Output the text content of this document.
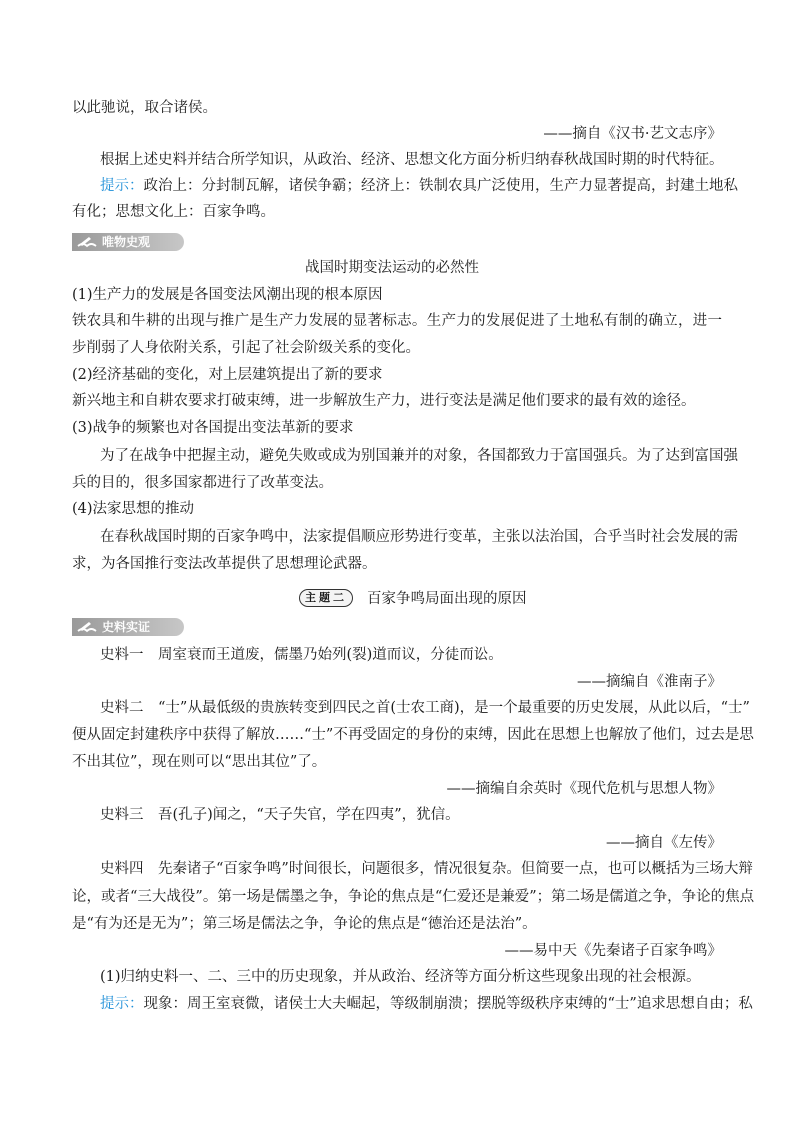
以此驰说，取合诸侯。
——摘自《汉书·艺文志序》
根据上述史料并结合所学知识，从政治、经济、思想文化方面分析归纳春秋战国时期的时代特征。
提示：政治上：分封制瓦解，诸侯争霸；经济上：铁制农具广泛使用，生产力显著提高，封建土地私
有化；思想文化上：百家争鸣。
唯物史观
战国时期变法运动的必然性
(1)生产力的发展是各国变法风潮出现的根本原因
铁农具和牛耕的出现与推广是生产力发展的显著标志。生产力的发展促进了土地私有制的确立，进一
步削弱了人身依附关系，引起了社会阶级关系的变化。
(2)经济基础的变化，对上层建筑提出了新的要求
新兴地主和自耕农要求打破束缚，进一步解放生产力，进行变法是满足他们要求的最有效的途径。
(3)战争的频繁也对各国提出变法革新的要求
为了在战争中把握主动，避免失败或成为别国兼并的对象，各国都致力于富国强兵。为了达到富国强
兵的目的，很多国家都进行了改革变法。
(4)法家思想的推动
在春秋战国时期的百家争鸣中，法家提倡顺应形势进行变革，主张以法治国，合乎当时社会发展的需
求，为各国推行变法改革提供了思想理论武器。
主题二 百家争鸣局面出现的原因
史料实证
史料一　周室衰而王道废，儒墨乃始列(裂)道而议，分徒而讼。
——摘编自《淮南子》
史料二　“士”从最低级的贵族转变到四民之首(士农工商)，是一个最重要的历史发展，从此以后，“士”
便从固定封建秩序中获得了解放……“士”不再受固定的身份的束缚，因此在思想上也解放了他们，过去是思
不出其位”，现在则可以“思出其位”了。
——摘编自余英时《现代危机与思想人物》
史料三　吾(孔子)闻之，“天子失官，学在四夷”，犹信。
——摘自《左传》
史料四　先秦诸子“百家争鸣”时间很长，问题很多，情况很复杂。但简要一点，也可以概括为三场大辩
论，或者“三大战役”。第一场是儒墨之争，争论的焦点是“仁爱还是兼爱”；第二场是儒道之争，争论的焦点
是“有为还是无为”；第三场是儒法之争，争论的焦点是“德治还是法治”。
——易中天《先秦诸子百家争鸣》
(1)归纳史料一、二、三中的历史现象，并从政治、经济等方面分析这些现象出现的社会根源。
提示：现象：周王室衰微，诸侯士大夫崛起，等级制崩溃；摆脱等级秩序束缚的“士”追求思想自由；私
